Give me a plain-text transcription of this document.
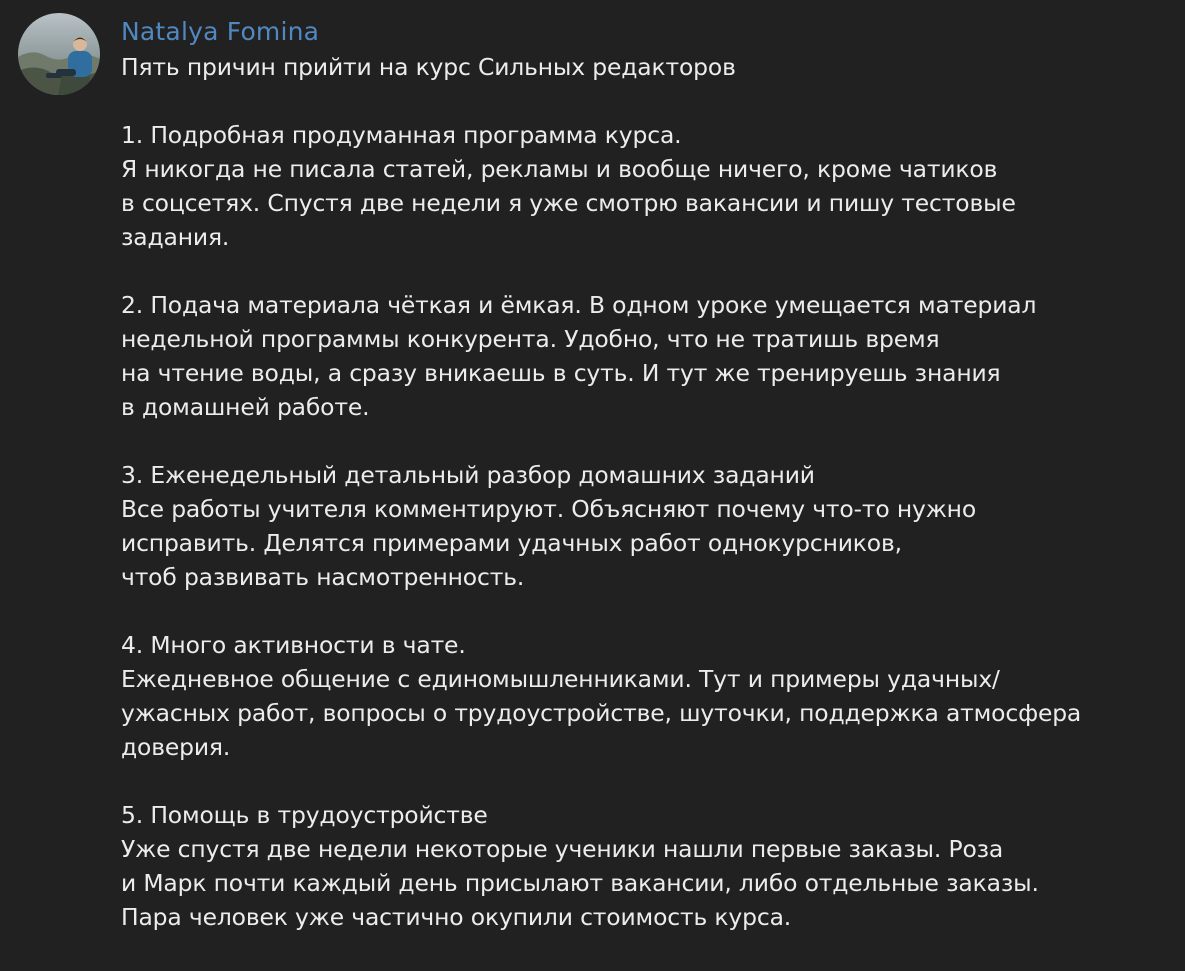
Natalya Fomina
Пять причин прийти на курс Сильных редакторов
1. Подробная продуманная программа курса.
Я никогда не писала статей, рекламы и вообще ничего, кроме чатиков
в соцсетях. Спустя две недели я уже смотрю вакансии и пишу тестовые
задания.
2. Подача материала чёткая и ёмкая. В одном уроке умещается материал
недельной программы конкурента. Удобно, что не тратишь время
на чтение воды, а сразу вникаешь в суть. И тут же тренируешь знания
в домашней работе.
3. Еженедельный детальный разбор домашних заданий
Все работы учителя комментируют. Объясняют почему что-то нужно
исправить. Делятся примерами удачных работ однокурсников,
чтоб развивать насмотренность.
4. Много активности в чате.
Ежедневное общение с единомышленниками. Тут и примеры удачных/
ужасных работ, вопросы о трудоустройстве, шуточки, поддержка атмосфера
доверия.
5. Помощь в трудоустройстве
Уже спустя две недели некоторые ученики нашли первые заказы. Роза
и Марк почти каждый день присылают вакансии, либо отдельные заказы.
Пара человек уже частично окупили стоимость курса.
